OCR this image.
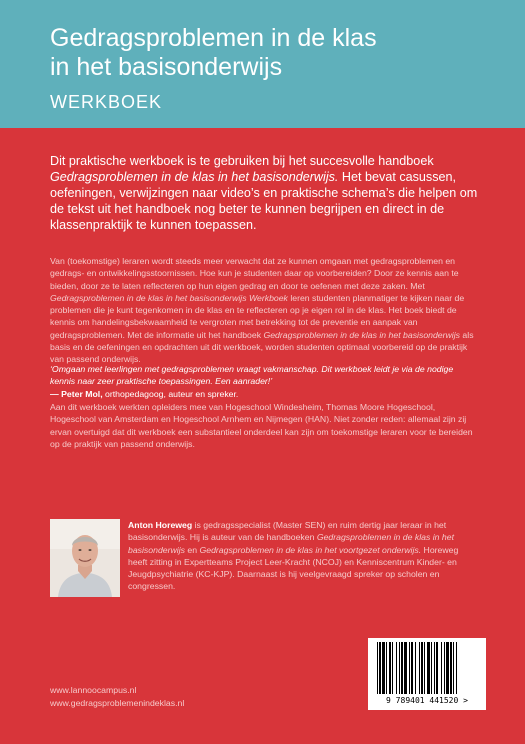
Gedragsproblemen in de klas
in het basisonderwijs
WERKBOEK

Dit praktische werkboek is te gebruiken bij het succesvolle handboek Gedragsproblemen in de klas in het basisonderwijs. Het bevat casussen, oefeningen, verwijzingen naar video’s en praktische schema’s die helpen om de tekst uit het handboek nog beter te kunnen begrijpen en direct in de klassenpraktijk te kunnen toepassen.

Van (toekomstige) leraren wordt steeds meer verwacht dat ze kunnen omgaan met gedragsproblemen en gedrags- en ontwikkelingsstoornissen. Hoe kun je studenten daar op voorbereiden? Door ze kennis aan te bieden, door ze te laten reflecteren op hun eigen gedrag en door te oefenen met deze zaken. Met Gedragsproblemen in de klas in het basisonderwijs Werkboek leren studenten planmatiger te kijken naar de problemen die je kunt tegenkomen in de klas en te reflecteren op je eigen rol in de klas. Het boek biedt de kennis om handelingsbekwaamheid te vergroten met betrekking tot de preventie en aanpak van gedragsproblemen. Met de informatie uit het handboek Gedragsproblemen in de klas in het basisonderwijs als basis en de oefeningen en opdrachten uit dit werkboek, worden studenten optimaal voorbereid op de praktijk van passend onderwijs.

‘Omgaan met leerlingen met gedragsproblemen vraagt vakmanschap. Dit werkboek leidt je via de nodige kennis naar zeer praktische toepassingen. Een aanrader!’
— Peter Mol, orthopedagoog, auteur en spreker.

Aan dit werkboek werkten opleiders mee van Hogeschool Windesheim, Thomas Moore Hogeschool, Hogeschool van Amsterdam en Hogeschool Arnhem en Nijmegen (HAN). Niet zonder reden: allemaal zijn zij ervan overtuigd dat dit werkboek een substantieel onderdeel kan zijn om toekomstige leraren voor te bereiden op de praktijk van passend onderwijs.

Anton Horeweg is gedragsspecialist (Master SEN) en ruim dertig jaar leraar in het basisonderwijs. Hij is auteur van de handboeken Gedragsproblemen in de klas in het basisonderwijs en Gedragsproblemen in de klas in het voortgezet onderwijs. Horeweg heeft zitting in Expertteams Project Leer-Kracht (NCOJ) en Kenniscentrum Kinder- en Jeugdpsychiatrie (KC-KJP). Daarnaast is hij veelgevraagd spreker op scholen en congressen.

www.lannoocampus.nl
www.gedragsproblemenindeklas.nl	9 789401 441520 >
